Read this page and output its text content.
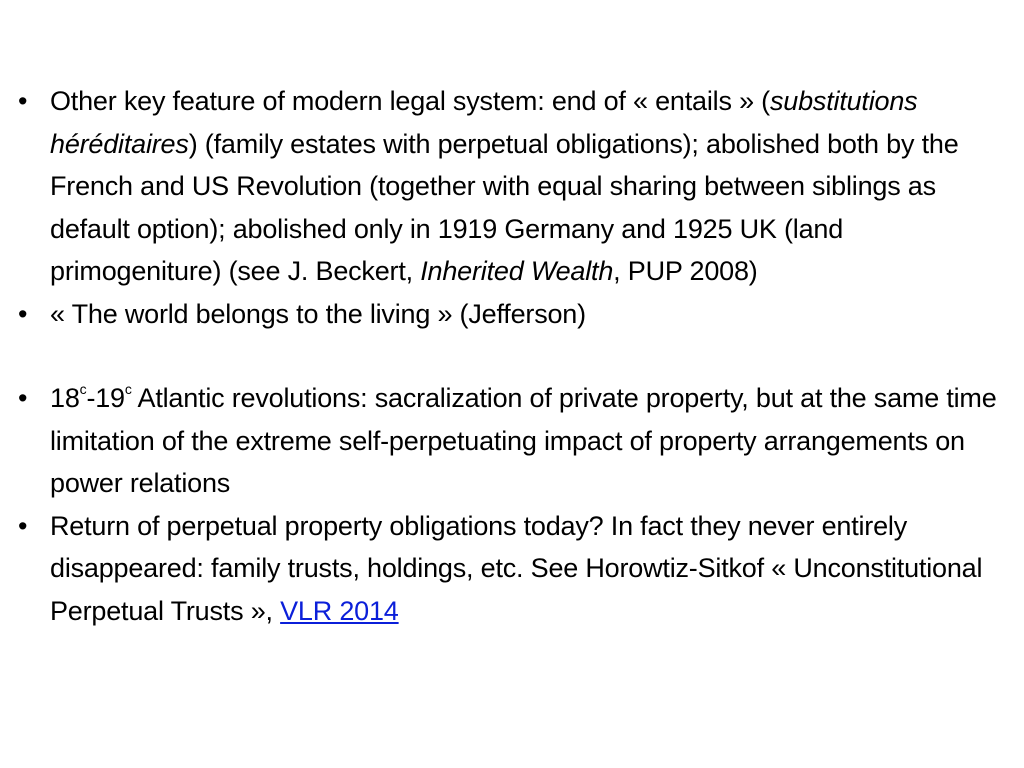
• Other key feature of modern legal system: end of « entails » (substitutions héréditaires) (family estates with perpetual obligations); abolished both by the French and US Revolution (together with equal sharing between siblings as default option); abolished only in 1919 Germany and 1925 UK (land primogeniture) (see J. Beckert, Inherited Wealth, PUP 2008)
• « The world belongs to the living » (Jefferson)
• 18$^c$-19$^c$ Atlantic revolutions: sacralization of private property, but at the same time limitation of the extreme self-perpetuating impact of property arrangements on power relations
• Return of perpetual property obligations today? In fact they never entirely disappeared: family trusts, holdings, etc. See Horowtiz-Sitkof « Unconstitutional Perpetual Trusts », VLR 2014
